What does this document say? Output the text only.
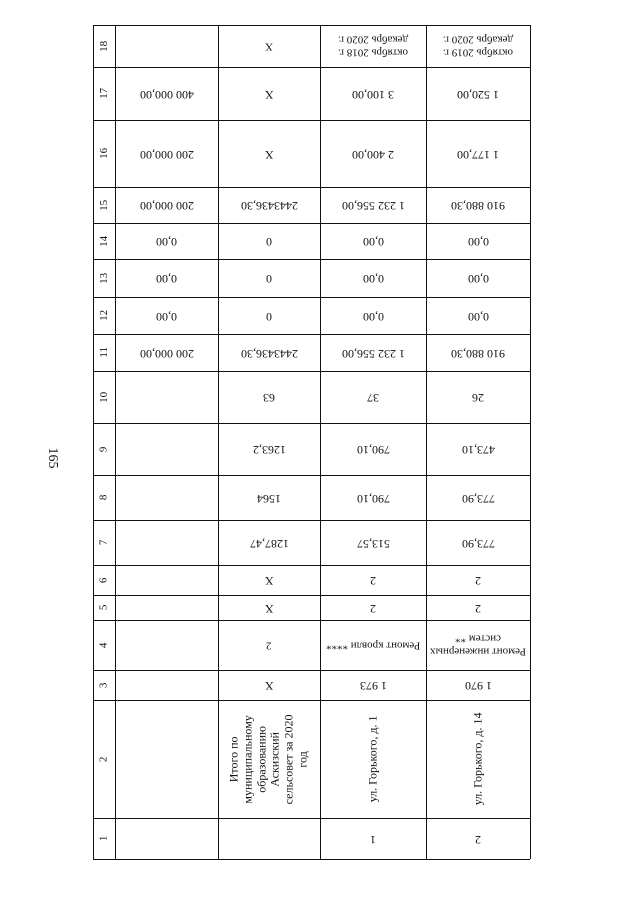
165
1
2
3
4
5
6
7
8
9
10
11
12
13
14
15
16
17
18
Итого по муниципальному образованию Аскизский сельсовет за 2020 год
Х
2
Х
Х
1287,47
1564
1263,2
63
2443436,30
0
0
0
2443436,30
Х
Х
Х
1
ул. Горького, д. 1
1 973
Ремонт кровли ****
2
2
513,57
790,10
790,10
37
1 232 556,00
0,00
0,00
0,00
1 232 556,00
2 400,00
3 100,00
октябрь 2018 г. декабрь 2020 г.
2
ул. Горького, д. 14
1 970
Ремонт инженерных систем **
2
2
773,90
773,90
473,10
26
910 880,30
0,00
0,00
0,00
910 880,30
1 177,00
1 520,00
октябрь 2019 г. декабрь 2020 г.
200 000,00
0,00
0,00
0,00
200 000,00
200 000,00
400 000,00
